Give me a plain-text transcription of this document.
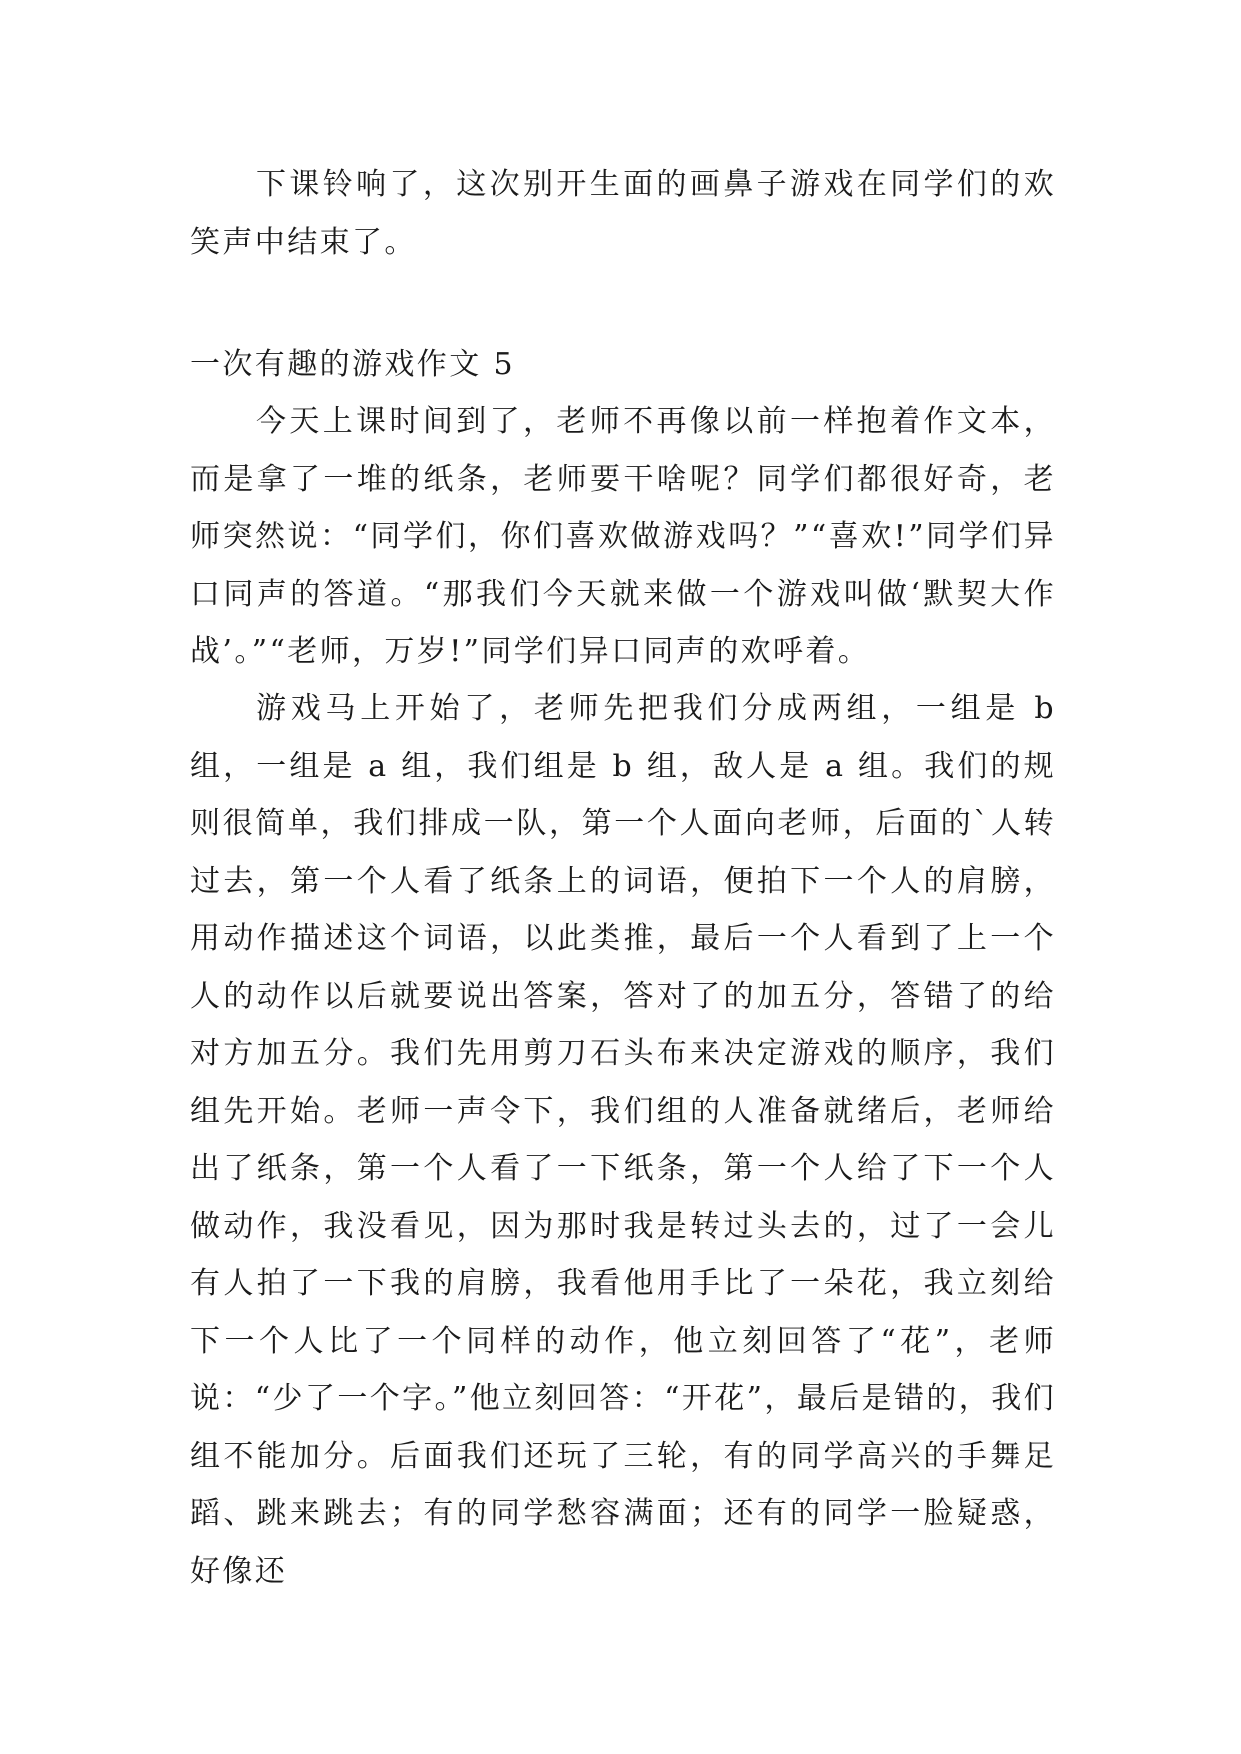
下课铃响了，这次别开生面的画鼻子游戏在同学们的欢笑声中结束了。

一次有趣的游戏作文 5

今天上课时间到了，老师不再像以前一样抱着作文本，而是拿了一堆的纸条，老师要干啥呢？同学们都很好奇，老师突然说：“同学们，你们喜欢做游戏吗？”“喜欢!”同学们异口同声的答道。“那我们今天就来做一个游戏叫做‘默契大作战’。”“老师，万岁!”同学们异口同声的欢呼着。

游戏马上开始了，老师先把我们分成两组，一组是 b 组，一组是 a 组，我们组是 b 组，敌人是 a 组。我们的规则很简单，我们排成一队，第一个人面向老师，后面的`人转过去，第一个人看了纸条上的词语，便拍下一个人的肩膀，用动作描述这个词语，以此类推，最后一个人看到了上一个人的动作以后就要说出答案，答对了的加五分，答错了的给对方加五分。我们先用剪刀石头布来决定游戏的顺序，我们组先开始。老师一声令下，我们组的人准备就绪后，老师给出了纸条，第一个人看了一下纸条，第一个人给了下一个人做动作，我没看见，因为那时我是转过头去的，过了一会儿有人拍了一下我的肩膀，我看他用手比了一朵花，我立刻给下一个人比了一个同样的动作，他立刻回答了“花”，老师说：“少了一个字。”他立刻回答：“开花”，最后是错的，我们组不能加分。后面我们还玩了三轮，有的同学高兴的手舞足蹈、跳来跳去；有的同学愁容满面；还有的同学一脸疑惑，好像还
